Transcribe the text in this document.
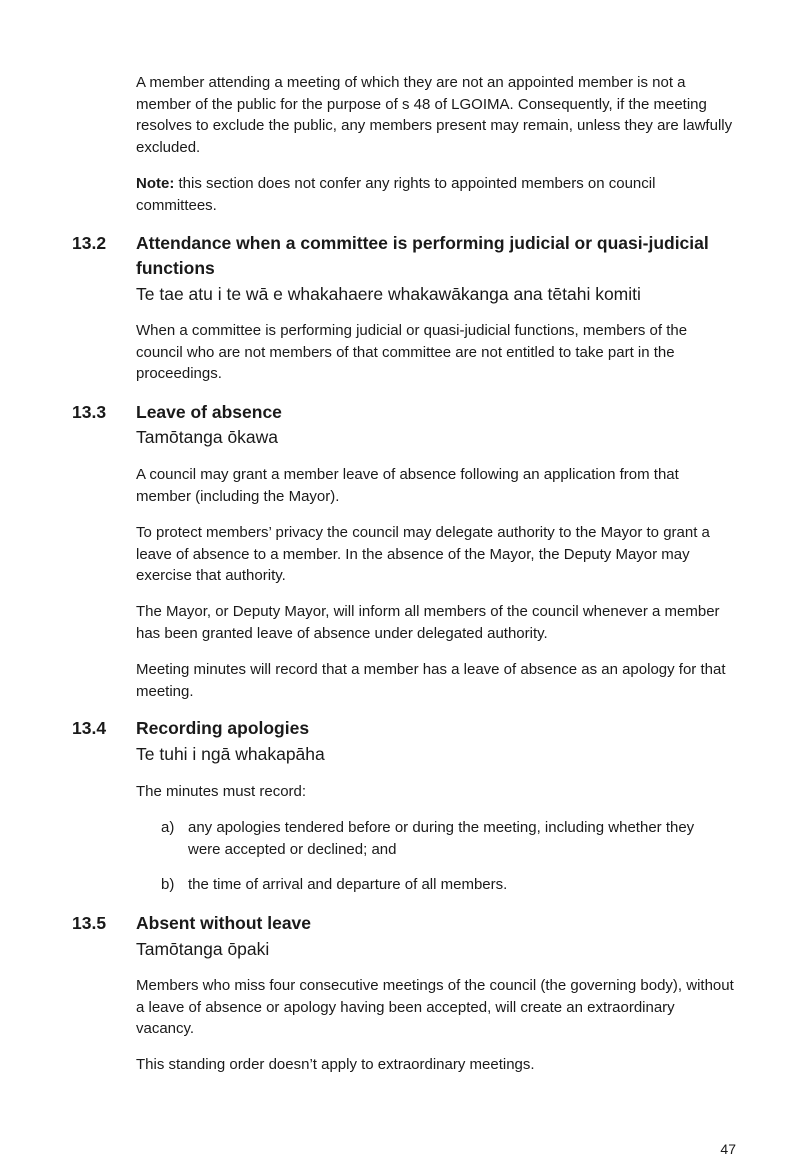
A member attending a meeting of which they are not an appointed member is not a member of the public for the purpose of s 48 of LGOIMA. Consequently, if the meeting resolves to exclude the public, any members present may remain, unless they are lawfully excluded.

Note: this section does not confer any rights to appointed members on council committees.

13.2 Attendance when a committee is performing judicial or quasi-judicial functions
Te tae atu i te wā e whakahaere whakawākanga ana tētahi komiti

When a committee is performing judicial or quasi-judicial functions, members of the council who are not members of that committee are not entitled to take part in the proceedings.

13.3 Leave of absence
Tamōtanga ōkawa

A council may grant a member leave of absence following an application from that member (including the Mayor).

To protect members’ privacy the council may delegate authority to the Mayor to grant a leave of absence to a member. In the absence of the Mayor, the Deputy Mayor may exercise that authority.

The Mayor, or Deputy Mayor, will inform all members of the council whenever a member has been granted leave of absence under delegated authority.

Meeting minutes will record that a member has a leave of absence as an apology for that meeting.

13.4 Recording apologies
Te tuhi i ngā whakapāha

The minutes must record:

a) any apologies tendered before or during the meeting, including whether they were accepted or declined; and

b) the time of arrival and departure of all members.

13.5 Absent without leave
Tamōtanga ōpaki

Members who miss four consecutive meetings of the council (the governing body), without a leave of absence or apology having been accepted, will create an extraordinary vacancy.

This standing order doesn’t apply to extraordinary meetings.

47
